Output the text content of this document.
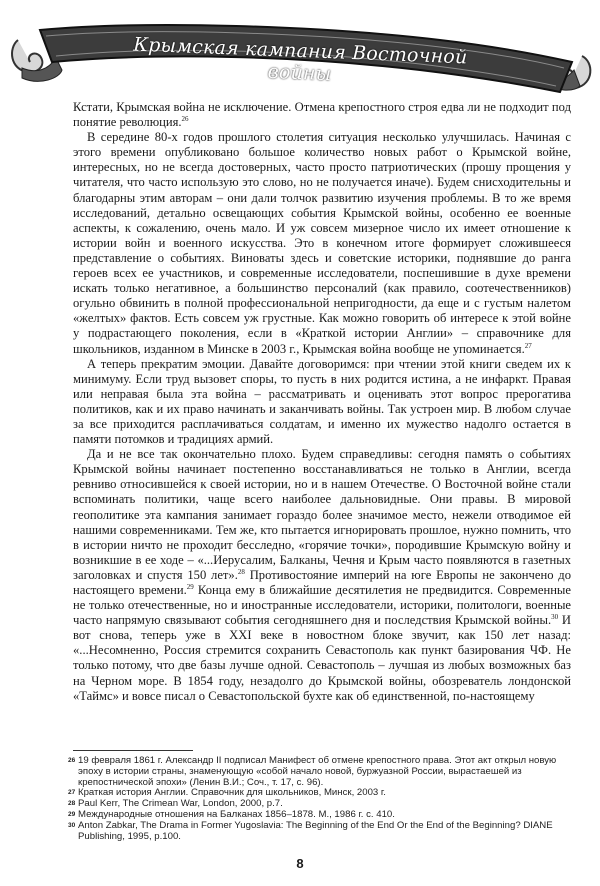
Крымская кампания Восточной войны

Кстати, Крымская война не исключение. Отмена крепостного строя едва ли не подходит под понятие революция.$^{26}$

В середине 80-х годов прошлого столетия ситуация несколько улучшилась. Начиная с этого времени опубликовано большое количество новых работ о Крымской войне, интересных, но не всегда достоверных, часто просто патриотических (прошу прощения у читателя, что часто использую это слово, но не получается иначе). Будем снисходительны и благодарны этим авторам – они дали толчок развитию изучения проблемы. В то же время исследований, детально освещающих события Крымской войны, особенно ее военные аспекты, к сожалению, очень мало. И уж совсем мизерное число их имеет отношение к истории войн и военного искусства. Это в конечном итоге формирует сложившееся представление о событиях. Виноваты здесь и советские историки, поднявшие до ранга героев всех ее участников, и современные исследователи, поспешившие в духе времени искать только негативное, а большинство персоналий (как правило, соотечественников) огульно обвинить в полной профессиональной непригодности, да еще и с густым налетом «желтых» фактов. Есть совсем уж грустные. Как можно говорить об интересе к этой войне у подрастающего поколения, если в «Краткой истории Англии» – справочнике для школьников, изданном в Минске в 2003 г., Крымская война вообще не упоминается.$^{27}$

А теперь прекратим эмоции. Давайте договоримся: при чтении этой книги сведем их к минимуму. Если труд вызовет споры, то пусть в них родится истина, а не инфаркт. Правая или неправая была эта война – рассматривать и оценивать этот вопрос прерогатива политиков, как и их право начинать и заканчивать войны. Так устроен мир. В любом случае за все приходится расплачиваться солдатам, и именно их мужество надолго остается в памяти потомков и традициях армий.

Да и не все так окончательно плохо. Будем справедливы: сегодня память о событиях Крымской войны начинает постепенно восстанавливаться не только в Англии, всегда ревниво относившейся к своей истории, но и в нашем Отечестве. О Восточной войне стали вспоминать политики, чаще всего наиболее дальновидные. Они правы. В мировой геополитике эта кампания занимает гораздо более значимое место, нежели отводимое ей нашими современниками. Тем же, кто пытается игнорировать прошлое, нужно помнить, что в истории ничто не проходит бесследно, «горячие точки», породившие Крымскую войну и возникшие в ее ходе – «...Иерусалим, Балканы, Чечня и Крым часто появляются в газетных заголовках и спустя 150 лет».$^{28}$ Противостояние империй на юге Европы не закончено до настоящего времени.$^{29}$ Конца ему в ближайшие десятилетия не предвидится. Современные не только отечественные, но и иностранные исследователи, историки, политологи, военные часто напрямую связывают события сегодняшнего дня и последствия Крымской войны.$^{30}$ И вот снова, теперь уже в XXI веке в новостном блоке звучит, как 150 лет назад: «...Несомненно, Россия стремится сохранить Севастополь как пункт базирования ЧФ. Не только потому, что две базы лучше одной. Севастополь – лучшая из любых возможных баз на Черном море. В 1854 году, незадолго до Крымской войны, обозреватель лондонской «Таймс» и вовсе писал о Севастопольской бухте как об единственной, по-настоящему

26 19 февраля 1861 г. Александр II подписал Манифест об отмене крепостного права. Этот акт открыл новую эпоху в истории страны, знаменующую «собой начало новой, буржуазной России, вырастаешей из крепостнической эпохи» (Ленин В.И.; Соч., т. 17, с. 96).
27 Краткая история Англии. Справочник для школьников, Минск, 2003 г.
28 Paul Kerr, The Crimean War, London, 2000, p.7.
29 Международные отношения на Балканах 1856–1878. М., 1986 г. с. 410.
30 Anton Zabkar, The Drama in Former Yugoslavia: The Beginning of the End Or the End of the Beginning? DIANE Publishing, 1995, p.100.
8
